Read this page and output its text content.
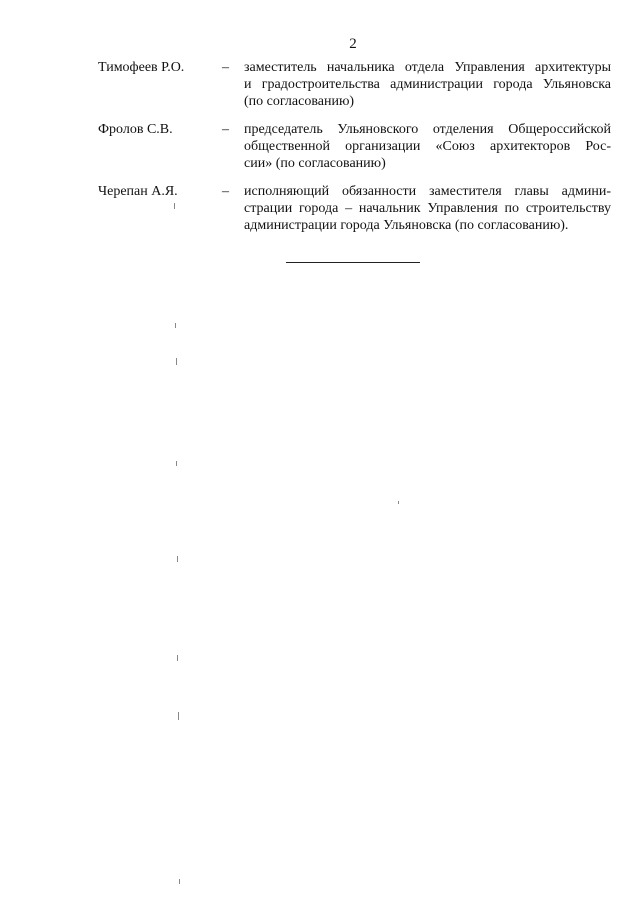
2
Тимофеев Р.О.	– заместитель начальника отдела Управления архитектуры
и градостроительства администрации города Ульяновска
(по согласованию)
Фролов С.В.	– председатель Ульяновского отделения Общероссийской
общественной организации «Союз архитекторов Рос-
сии» (по согласованию)
Черепан А.Я.	– исполняющий обязанности заместителя главы админи-
страции города – начальник Управления по строительству
администрации города Ульяновска (по согласованию).
